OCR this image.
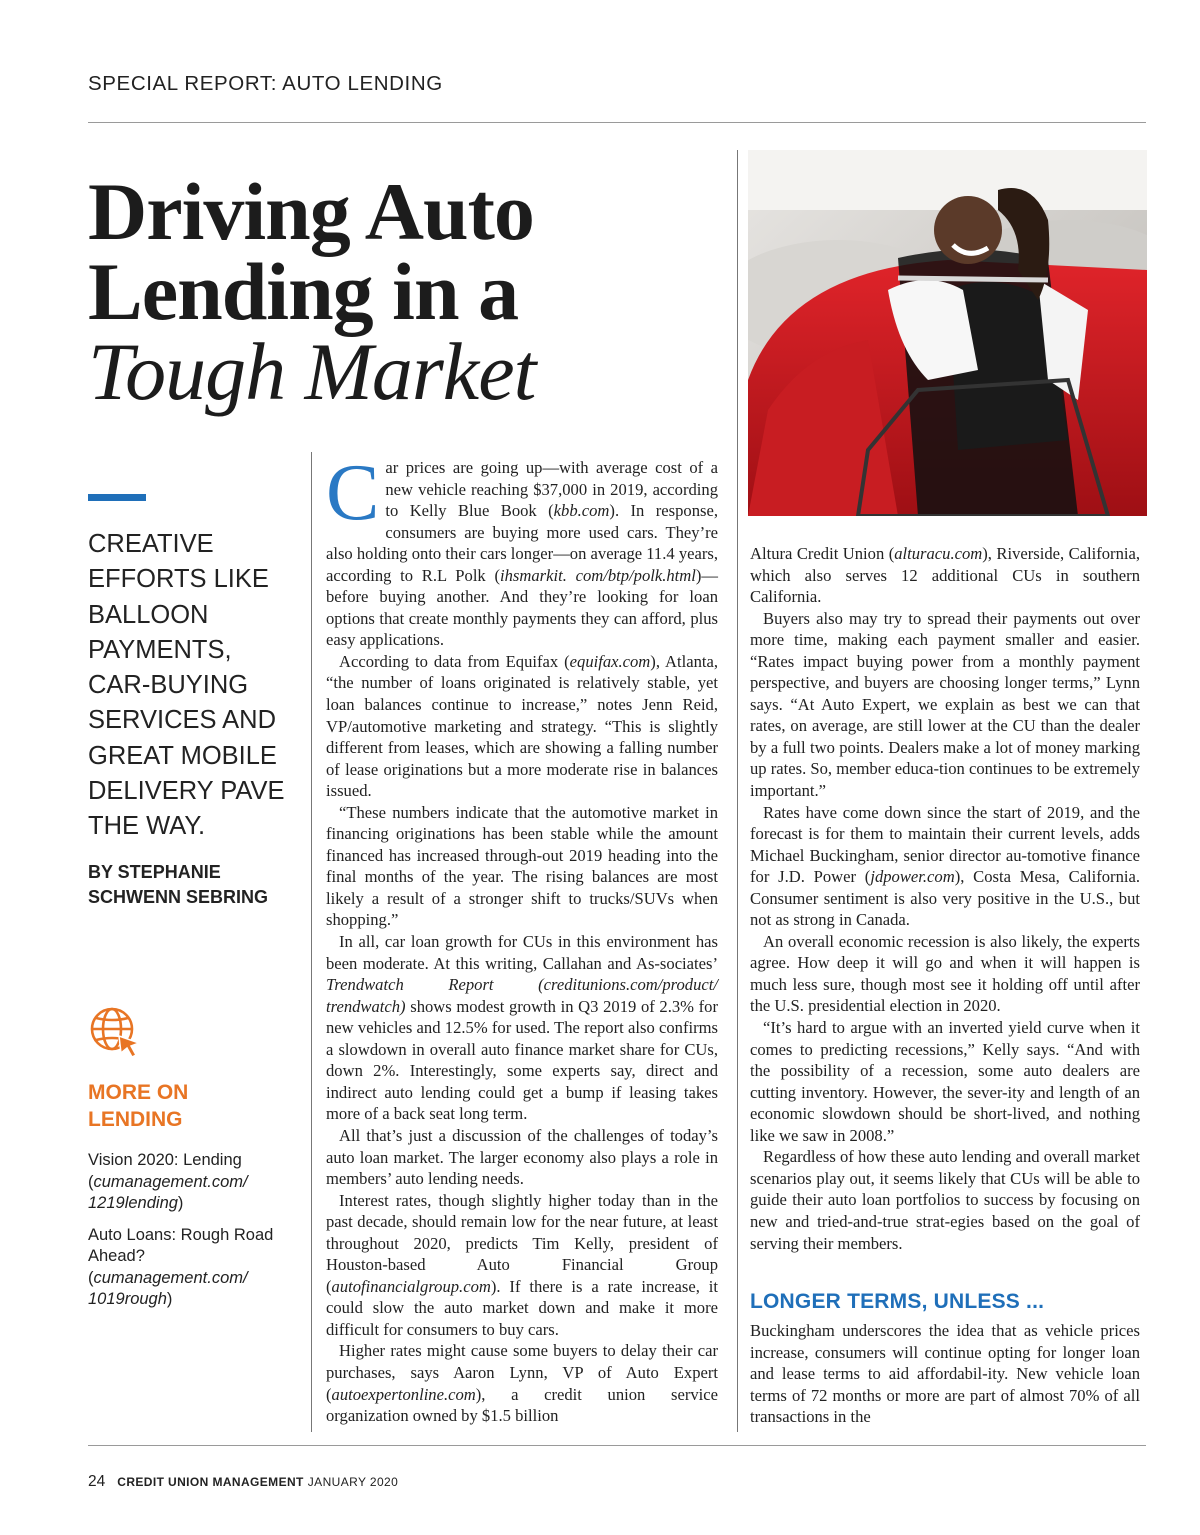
SPECIAL REPORT: AUTO LENDING
Driving Auto
Lending in a
Tough Market
CREATIVE EFFORTS LIKE BALLOON PAYMENTS, CAR-BUYING SERVICES AND GREAT MOBILE DELIVERY PAVE THE WAY.
BY STEPHANIE SCHWENN SEBRING
MORE ON LENDING
Vision 2020: Lending
(cumanagement.com/ 1219lending)
Auto Loans: Rough Road Ahead?
(cumanagement.com/ 1019rough)
C ar prices are going up—with average cost of a new vehicle reaching $37,000 in 2019, according to Kelly Blue Book (kbb.com). In response, consumers are buying more used cars. They’re also holding onto their cars longer—on average 11.4 years, according to R.L Polk (ihsmarkit. com/btp/polk.html)—before buying another. And they’re looking for loan options that create monthly payments they can afford, plus easy applications.

According to data from Equifax (equifax.com), Atlanta, “the number of loans originated is relatively stable, yet loan balances continue to increase,” notes Jenn Reid, VP/automotive marketing and strategy. “This is slightly different from leases, which are showing a falling number of lease originations but a more moderate rise in balances issued.

“These numbers indicate that the automotive market in financing originations has been stable while the amount financed has increased through-out 2019 heading into the final months of the year. The rising balances are most likely a result of a stronger shift to trucks/SUVs when shopping.”

In all, car loan growth for CUs in this environment has been moderate. At this writing, Callahan and As-sociates’ Trendwatch Report (creditunions.com/product/ trendwatch) shows modest growth in Q3 2019 of 2.3% for new vehicles and 12.5% for used. The report also confirms a slowdown in overall auto finance market share for CUs, down 2%. Interestingly, some experts say, direct and indirect auto lending could get a bump if leasing takes more of a back seat long term.

All that’s just a discussion of the challenges of today’s auto loan market. The larger economy also plays a role in members’ auto lending needs.

Interest rates, though slightly higher today than in the past decade, should remain low for the near future, at least throughout 2020, predicts Tim Kelly, president of Houston-based Auto Financial Group (autofinancialgroup.com). If there is a rate increase, it could slow the auto market down and make it more difficult for consumers to buy cars.

Higher rates might cause some buyers to delay their car purchases, says Aaron Lynn, VP of Auto Expert (autoexpertonline.com), a credit union service organization owned by $1.5 billion

Altura Credit Union (alturacu.com), Riverside, California, which also serves 12 additional CUs in southern California.

Buyers also may try to spread their payments out over more time, making each payment smaller and easier. “Rates impact buying power from a monthly payment perspective, and buyers are choosing longer terms,” Lynn says. “At Auto Expert, we explain as best we can that rates, on average, are still lower at the CU than the dealer by a full two points. Dealers make a lot of money marking up rates. So, member educa-tion continues to be extremely important.”

Rates have come down since the start of 2019, and the forecast is for them to maintain their current levels, adds Michael Buckingham, senior director au-tomotive finance for J.D. Power (jdpower.com), Costa Mesa, California. Consumer sentiment is also very positive in the U.S., but not as strong in Canada.

An overall economic recession is also likely, the experts agree. How deep it will go and when it will happen is much less sure, though most see it holding off until after the U.S. presidential election in 2020.

“It’s hard to argue with an inverted yield curve when it comes to predicting recessions,” Kelly says. “And with the possibility of a recession, some auto dealers are cutting inventory. However, the sever-ity and length of an economic slowdown should be short-lived, and nothing like we saw in 2008.”

Regardless of how these auto lending and overall market scenarios play out, it seems likely that CUs will be able to guide their auto loan portfolios to success by focusing on new and tried-and-true strat-egies based on the goal of serving their members.

LONGER TERMS, UNLESS ...

Buckingham underscores the idea that as vehicle prices increase, consumers will continue opting for longer loan and lease terms to aid affordabil-ity. New vehicle loan terms of 72 months or more are part of almost 70% of all transactions in the

24 CREDIT UNION MANAGEMENT JANUARY 2020
